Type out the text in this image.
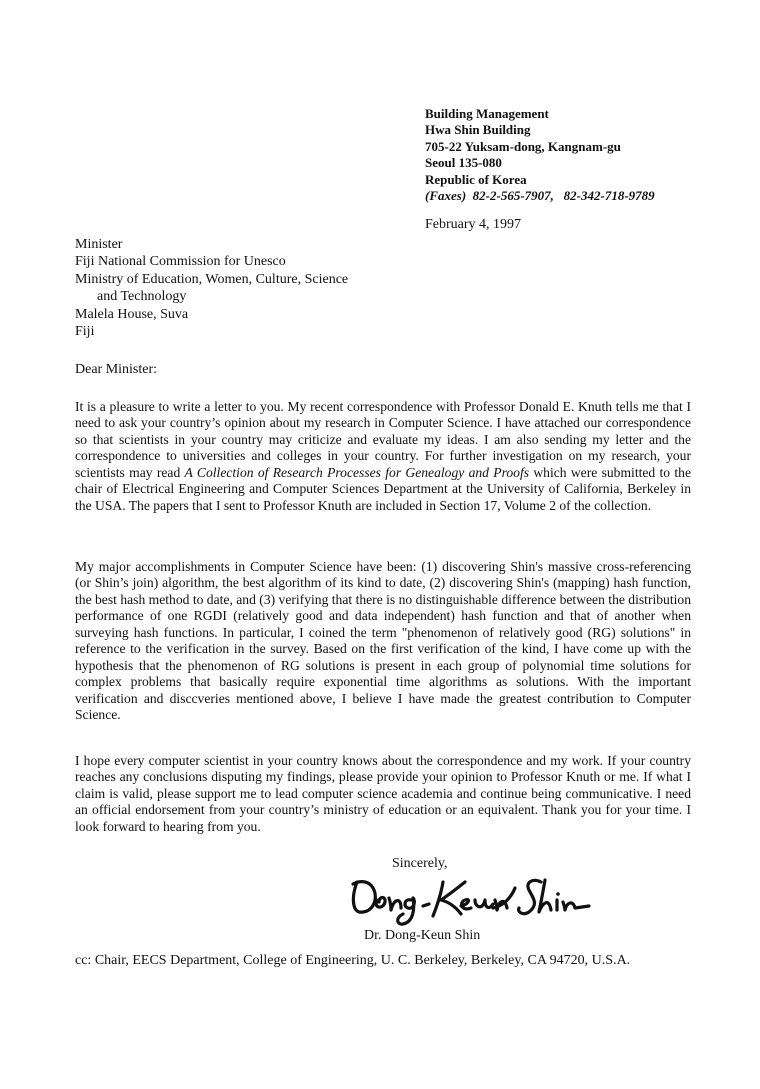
Building Management
Hwa Shin Building
705-22 Yuksam-dong, Kangnam-gu
Seoul 135-080
Republic of Korea
(Faxes) 82-2-565-7907, 82-342-718-9789
February 4, 1997
Minister
Fiji National Commission for Unesco
Ministry of Education, Women, Culture, Science
and Technology
Malela House, Suva
Fiji
Dear Minister:

It is a pleasure to write a letter to you. My recent correspondence with Professor Donald E. Knuth tells me that I need to ask your country’s opinion about my research in Computer Science. I have attached our correspondence so that scientists in your country may criticize and evaluate my ideas. I am also sending my letter and the correspondence to universities and colleges in your country. For further investigation on my research, your scientists may read A Collection of Research Processes for Genealogy and Proofs which were submitted to the chair of Electrical Engineering and Computer Sciences Department at the University of California, Berkeley in the USA. The papers that I sent to Professor Knuth are included in Section 17, Volume 2 of the collection.

My major accomplishments in Computer Science have been: (1) discovering Shin's massive cross-referencing (or Shin’s join) algorithm, the best algorithm of its kind to date, (2) discovering Shin's (mapping) hash function, the best hash method to date, and (3) verifying that there is no distinguishable difference between the distribution performance of one RGDI (relatively good and data independent) hash function and that of another when surveying hash functions. In particular, I coined the term "phenomenon of relatively good (RG) solutions" in reference to the verification in the survey. Based on the first verification of the kind, I have come up with the hypothesis that the phenomenon of RG solutions is present in each group of polynomial time solutions for complex problems that basically require exponential time algorithms as solutions. With the important verification and disccveries mentioned above, I believe I have made the greatest contribution to Computer Science.

I hope every computer scientist in your country knows about the correspondence and my work. If your country reaches any conclusions disputing my findings, please provide your opinion to Professor Knuth or me. If what I claim is valid, please support me to lead computer science academia and continue being communicative. I need an official endorsement from your country’s ministry of education or an equivalent. Thank you for your time. I look forward to hearing from you.

Sincerely,
Dr. Dong-Keun Shin
cc: Chair, EECS Department, College of Engineering, U. C. Berkeley, Berkeley, CA 94720, U.S.A.
